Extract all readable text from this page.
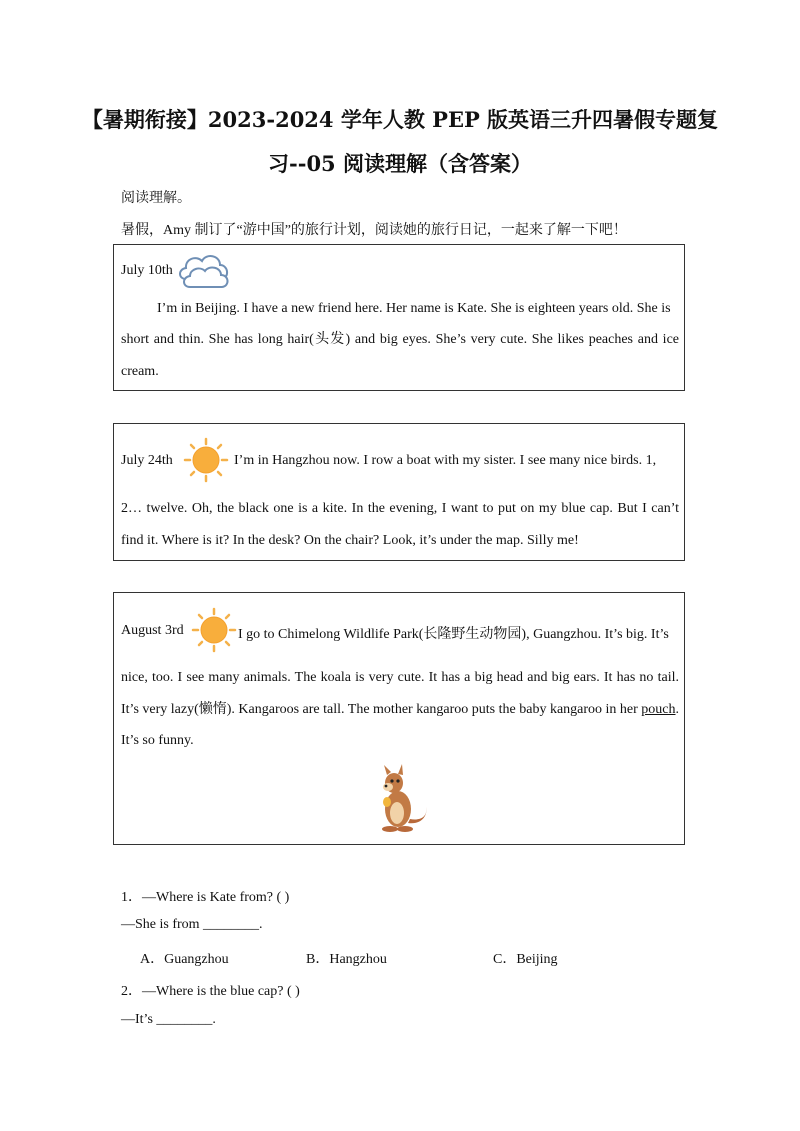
【暑期衔接】2023-2024 学年人教 PEP 版英语三升四暑假专题复
习--05 阅读理解（含答案）
阅读理解。
暑假，Amy 制订了“游中国”的旅行计划，阅读她的旅行日记，一起来了解一下吧！
July 10th
I’m in Beijing. I have a new friend here. Her name is Kate. She is eighteen years old. She is
short and thin. She has long hair(头发) and big eyes. She’s very cute. She likes peaches and ice cream.
July 24th	I’m in Hangzhou now. I row a boat with my sister. I see many nice birds. 1,
2… twelve. Oh, the black one is a kite. In the evening, I want to put on my blue cap. But I can’t find it. Where is it? In the desk? On the chair? Look, it’s under the map. Silly me!
August 3rd	I go to Chimelong Wildlife Park(长隆野生动物园), Guangzhou. It’s big. It’s
nice, too. I see many animals. The koala is very cute. It has a big head and big ears. It has no tail. It’s very lazy(懒惰). Kangaroos are tall. The mother kangaroo puts the baby kangaroo in her pouch. It’s so funny.
1．—Where is Kate from? ( )
—She is from ________.
A．Guangzhou	B．Hangzhou	C．Beijing
2．—Where is the blue cap? ( )
—It’s ________.
